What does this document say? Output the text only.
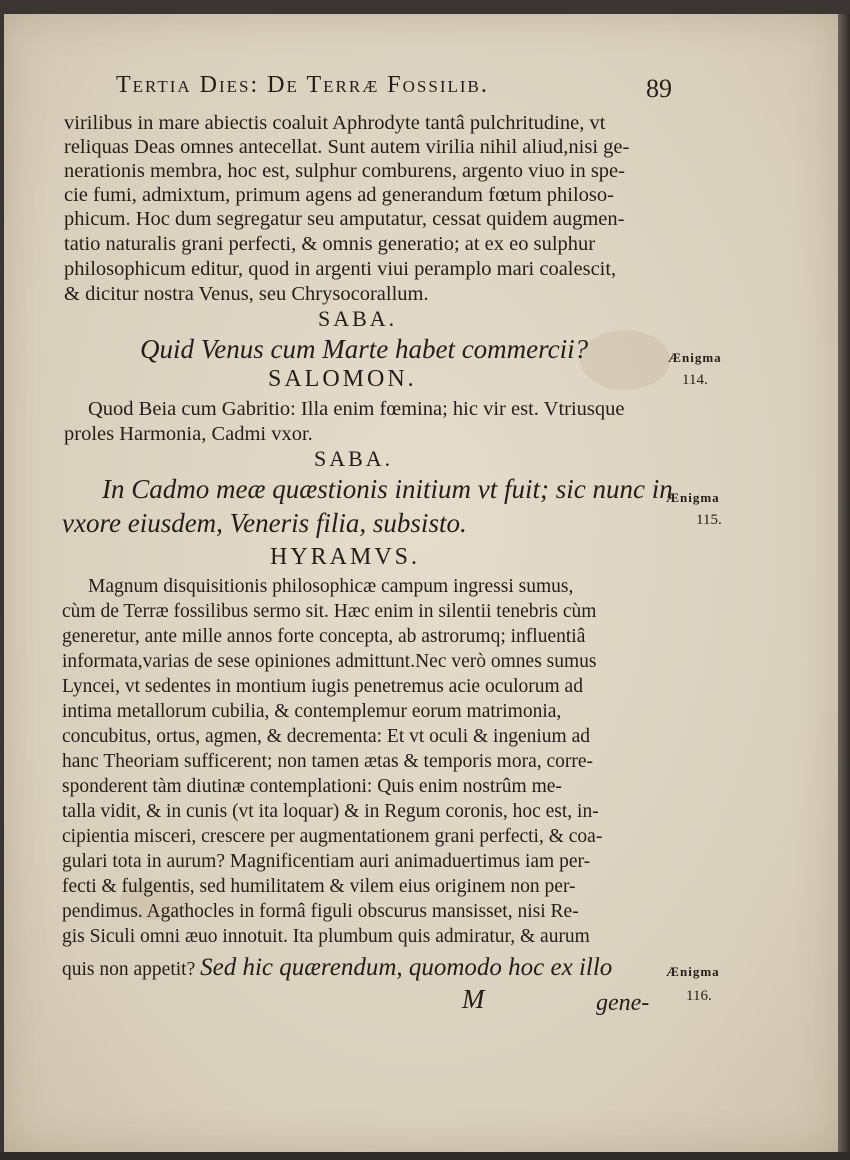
Tertia Dies: De Terræ Fossilib.	89
virilibus in mare abiectis coaluit Aphrodyte tantâ pulchritudine, vt
reliquas Deas omnes antecellat. Sunt autem virilia nihil aliud,nisi ge-
nerationis membra, hoc est, sulphur comburens, argento viuo in spe-
cie fumi, admixtum, primum agens ad generandum fœtum philoso-
phicum. Hoc dum segregatur seu amputatur, cessat quidem augmen-
tatio naturalis grani perfecti, & omnis generatio; at ex eo sulphur
philosophicum editur, quod in argenti viui peramplo mari coalescit,
& dicitur nostra Venus, seu Chrysocorallum.
SABA.
Quid Venus cum Marte habet commercii?
SALOMON.
Quod Beia cum Gabritio: Illa enim fœmina; hic vir est. Vtriusque
proles Harmonia, Cadmi vxor.
SABA.
In Cadmo meæ quæstionis initium vt fuit; sic nunc in
vxore eiusdem, Veneris filia, subsisto.
HYRAMVS.
Magnum disquisitionis philosophicæ campum ingressi sumus,
cùm de Terræ fossilibus sermo sit. Hæc enim in silentii tenebris cùm
generetur, ante mille annos forte concepta, ab astrorumq; influentiâ
informata,varias de sese opiniones admittunt.Nec verò omnes sumus
Lyncei, vt sedentes in montium iugis penetremus acie oculorum ad
intima metallorum cubilia, & contemplemur eorum matrimonia,
concubitus, ortus, agmen, & decrementa: Et vt oculi & ingenium ad
hanc Theoriam sufficerent; non tamen ætas & temporis mora, corre-
sponderent tàm diutinæ contemplationi: Quis enim nostrûm me-
talla vidit, & in cunis (vt ita loquar) & in Regum coronis, hoc est, in-
cipientia misceri, crescere per augmentationem grani perfecti, & coa-
gulari tota in aurum? Magnificentiam auri animaduertimus iam per-
fecti & fulgentis, sed humilitatem & vilem eius originem non per-
pendimus. Agathocles in formâ figuli obscurus mansisset, nisi Re-
gis Siculi omni æuo innotuit. Ita plumbum quis admiratur, & aurum
quis non appetit? Sed hic quærendum, quomodo hoc ex illo
M	gene-
Ænigma
114.
Ænigma
115.
Ænigma
116.
